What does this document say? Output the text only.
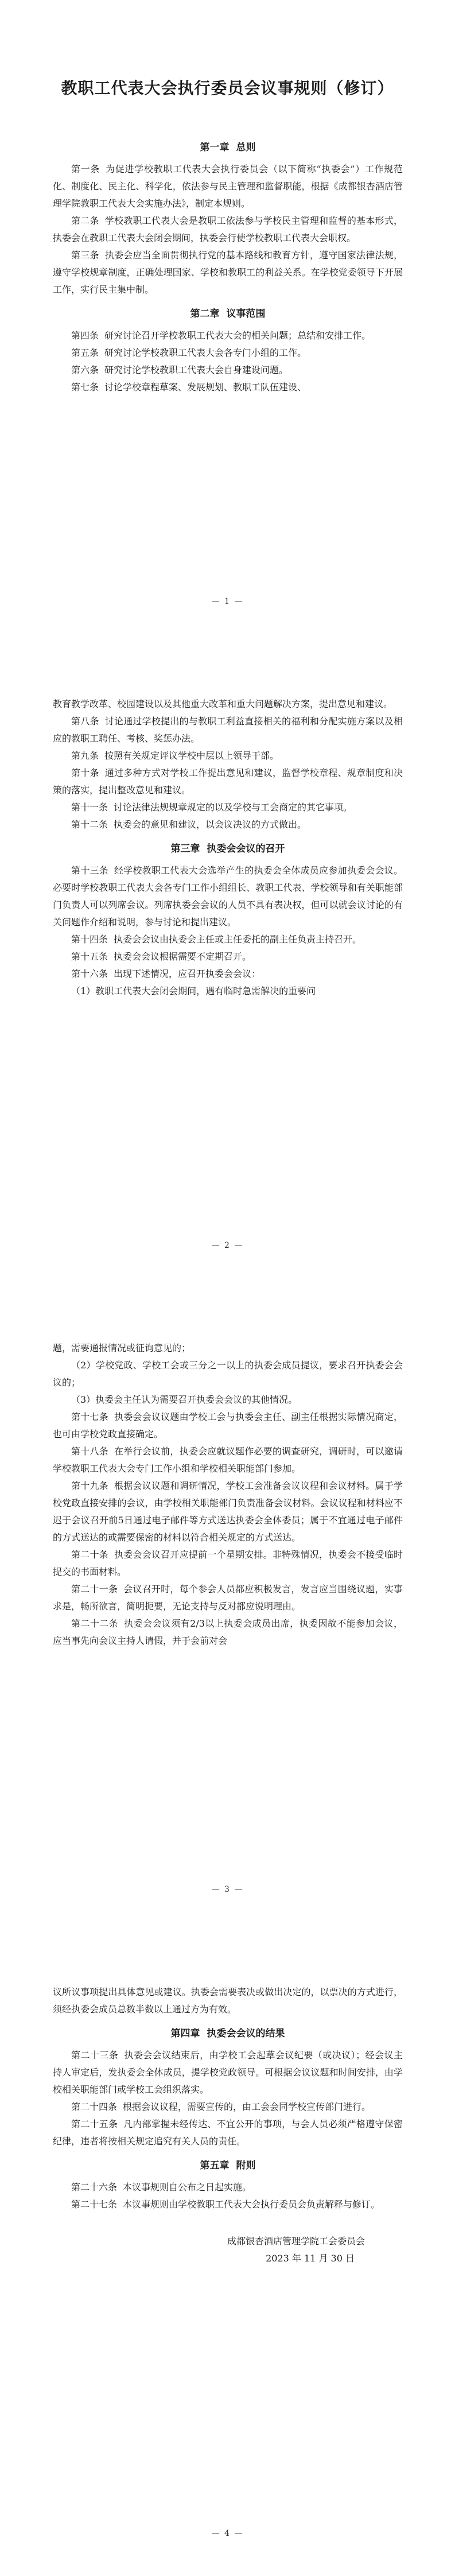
教职工代表大会执行委员会议事规则（修订）
第一章 总则

第一条 为促进学校教职工代表大会执行委员会（以下简称“执委会”）工作规范化、制度化、民主化、科学化，依法参与民主管理和监督职能，根据《成都银杏酒店管理学院教职工代表大会实施办法》，制定本规则。

第二条 学校教职工代表大会是教职工依法参与学校民主管理和监督的基本形式，执委会在教职工代表大会闭会期间，执委会行使学校教职工代表大会职权。

第三条 执委会应当全面贯彻执行党的基本路线和教育方针，遵守国家法律法规，遵守学校规章制度，正确处理国家、学校和教职工的利益关系。在学校党委领导下开展工作，实行民主集中制。

第二章 议事范围

第四条 研究讨论召开学校教职工代表大会的相关问题；总结和安排工作。

第五条 研究讨论学校教职工代表大会各专门小组的工作。

第六条 研究讨论学校教职工代表大会自身建设问题。

第七条 讨论学校章程草案、发展规划、教职工队伍建设、

— 1 —

教育教学改革、校园建设以及其他重大改革和重大问题解决方案，提出意见和建议。

第八条 讨论通过学校提出的与教职工利益直接相关的福利和分配实施方案以及相应的教职工聘任、考核、奖惩办法。

第九条 按照有关规定评议学校中层以上领导干部。

第十条 通过多种方式对学校工作提出意见和建议，监督学校章程、规章制度和决策的落实，提出整改意见和建议。

第十一条 讨论法律法规规章规定的以及学校与工会商定的其它事项。

第十二条 执委会的意见和建议，以会议决议的方式做出。

第三章 执委会会议的召开

第十三条 经学校教职工代表大会选举产生的执委会全体成员应参加执委会会议。必要时学校教职工代表大会各专门工作小组组长、教职工代表、学校领导和有关职能部门负责人可以列席会议。列席执委会会议的人员不具有表决权，但可以就会议讨论的有关问题作介绍和说明，参与讨论和提出建议。

第十四条 执委会会议由执委会主任或主任委托的副主任负责主持召开。

第十五条 执委会会议根据需要不定期召开。

第十六条 出现下述情况，应召开执委会会议：

（1）教职工代表大会闭会期间，遇有临时急需解决的重要问

— 2 —

题，需要通报情况或征询意见的；

（2）学校党政、学校工会或三分之一以上的执委会成员提议，要求召开执委会会议的；

（3）执委会主任认为需要召开执委会会议的其他情况。

第十七条 执委会会议议题由学校工会与执委会主任、副主任根据实际情况商定，也可由学校党政直接确定。

第十八条 在举行会议前，执委会应就议题作必要的调查研究，调研时，可以邀请学校教职工代表大会专门工作小组和学校相关职能部门参加。

第十九条 根据会议议题和调研情况，学校工会准备会议议程和会议材料。属于学校党政直接安排的会议，由学校相关职能部门负责准备会议材料。会议议程和材料应不迟于会议召开前5日通过电子邮件等方式送达执委会全体委员；属于不宜通过电子邮件的方式送达的或需要保密的材料以符合相关规定的方式送达。

第二十条 执委会会议召开应提前一个星期安排。非特殊情况，执委会不接受临时提交的书面材料。

第二十一条 会议召开时，每个参会人员都应积极发言，发言应当围绕议题，实事求是，畅所欲言，简明扼要，无论支持与反对都应说明理由。

第二十二条 执委会会议须有2/3以上执委会成员出席，执委因故不能参加会议，应当事先向会议主持人请假，并于会前对会

— 3 —

议所议事项提出具体意见或建议。执委会需要表决或做出决定的，以票决的方式进行，须经执委会成员总数半数以上通过方为有效。

第四章 执委会会议的结果

第二十三条 执委会会议结束后，由学校工会起草会议纪要（或决议）；经会议主持人审定后，发执委会全体成员，提学校党政领导。可根据会议议题和时间安排，由学校相关职能部门或学校工会组织落实。

第二十四条 根据会议议程，需要宣传的，由工会会同学校宣传部门进行。

第二十五条 凡内部掌握未经传达、不宜公开的事项，与会人员必须严格遵守保密纪律，违者将按相关规定追究有关人员的责任。

第五章 附则

第二十六条 本议事规则自公布之日起实施。

第二十七条 本议事规则由学校教职工代表大会执行委员会负责解释与修订。

成都银杏酒店管理学院工会委员会
2023 年 11 月 30 日
— 4 —
